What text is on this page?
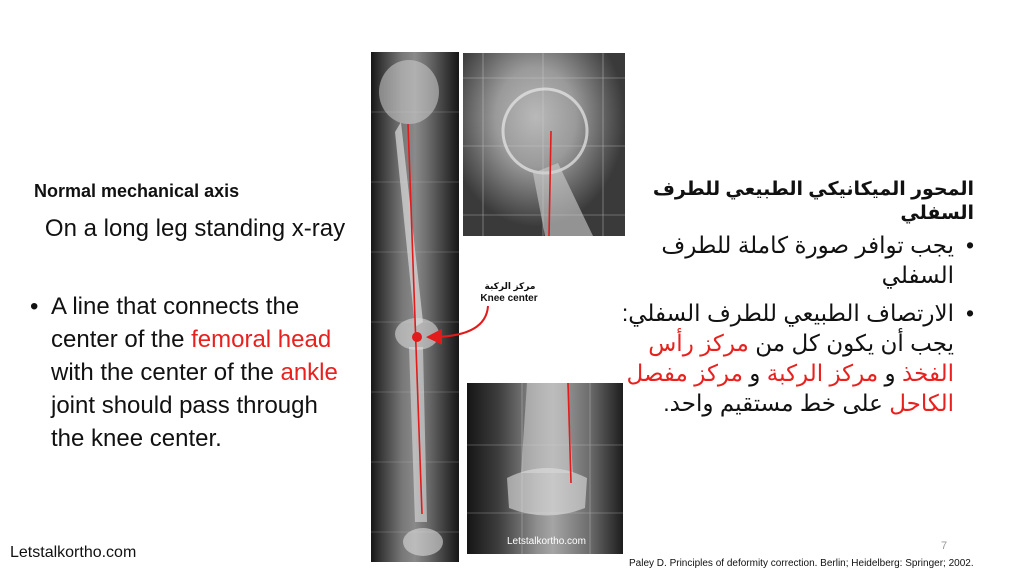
Normal mechanical axis
On a long leg standing x-ray
• A line that connects the center of the femoral head with the center of the ankle joint should pass through the knee center.
مركز الركبة
Knee center
Letstalkortho.com
المحور الميكانيكي الطبيعي للطرف السفلي
•
يجب توافر صورة كاملة للطرف السفلي
•
الارتصاف الطبيعي للطرف السفلي: يجب أن يكون كل من مركز رأس الفخذ و مركز الركبة و مركز مفصل الكاحل على خط مستقيم واحد.
Letstalkortho.com	7
Paley D. Principles of deformity correction. Berlin; Heidelberg: Springer; 2002.
